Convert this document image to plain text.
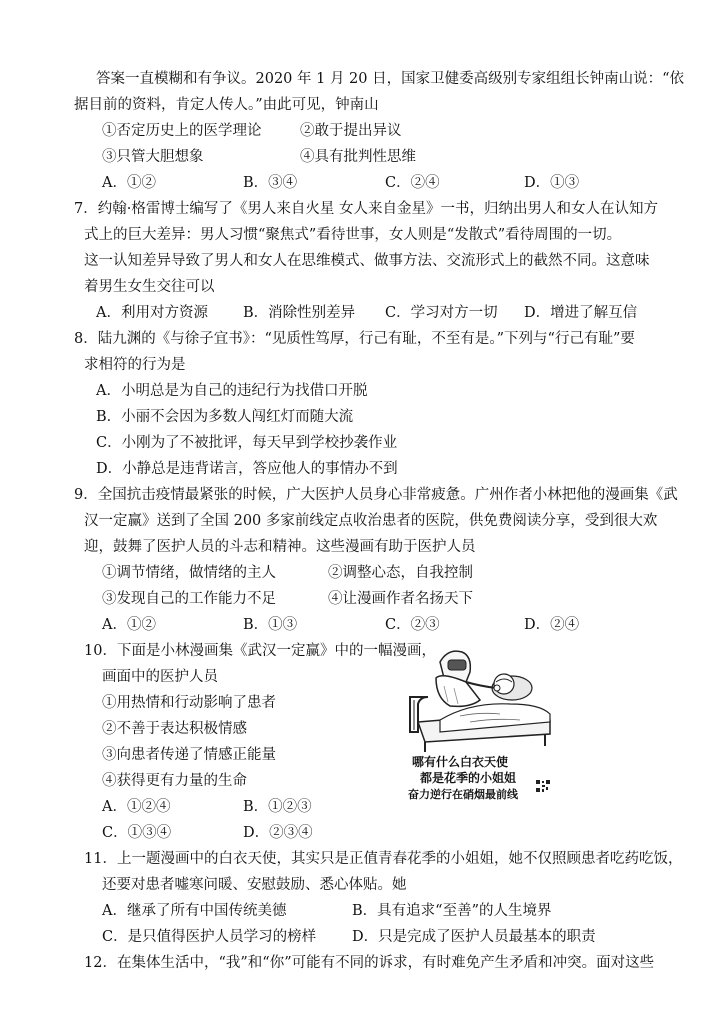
答案一直模糊和有争议。2020 年 1 月 20 日，国家卫健委高级别专家组组长钟南山说：“依
据目前的资料，肯定人传人。”由此可见，钟南山
①否定历史上的医学理论	②敢于提出异议
③只管大胆想象	④具有批判性思维
A．①②	B．③④	C．②④	D．①③
7．约翰·格雷博士编写了《男人来自火星 女人来自金星》一书，归纳出男人和女人在认知方
式上的巨大差异：男人习惯“聚焦式”看待世事，女人则是“发散式”看待周围的一切。
这一认知差异导致了男人和女人在思维模式、做事方法、交流形式上的截然不同。这意味
着男生女生交往可以
A．利用对方资源 B．消除性别差异 C．学习对方一切 D．增进了解互信
8．陆九渊的《与徐子宜书》：“见质性笃厚，行己有耻，不至有是。”下列与“行己有耻”要
求相符的行为是
A．小明总是为自己的违纪行为找借口开脱
B．小丽不会因为多数人闯红灯而随大流
C．小刚为了不被批评，每天早到学校抄袭作业
D．小静总是违背诺言，答应他人的事情办不到
9．全国抗击疫情最紧张的时候，广大医护人员身心非常疲惫。广州作者小林把他的漫画集《武
汉一定赢》送到了全国 200 多家前线定点收治患者的医院，供免费阅读分享，受到很大欢
迎，鼓舞了医护人员的斗志和精神。这些漫画有助于医护人员
①调节情绪，做情绪的主人	②调整心态，自我控制
③发现自己的工作能力不足	④让漫画作者名扬天下
A．①②	B．①③	C．②③	D．②④
10．下面是小林漫画集《武汉一定赢》中的一幅漫画，
画面中的医护人员
①用热情和行动影响了患者
②不善于表达积极情感
③向患者传递了情感正能量
④获得更有力量的生命
A．①②④	B．①②③
C．①③④	D．②③④
哪有什么白衣天使
都是花季的小姐姐
奋力逆行在硝烟最前线
11．上一题漫画中的白衣天使，其实只是正值青春花季的小姐姐，她不仅照顾患者吃药吃饭，
还要对患者嘘寒问暖、安慰鼓励、悉心体贴。她
A．继承了所有中国传统美德	B．具有追求“至善”的人生境界
C．是只值得医护人员学习的榜样 D．只是完成了医护人员最基本的职责
12．在集体生活中，“我”和“你”可能有不同的诉求，有时难免产生矛盾和冲突。面对这些
